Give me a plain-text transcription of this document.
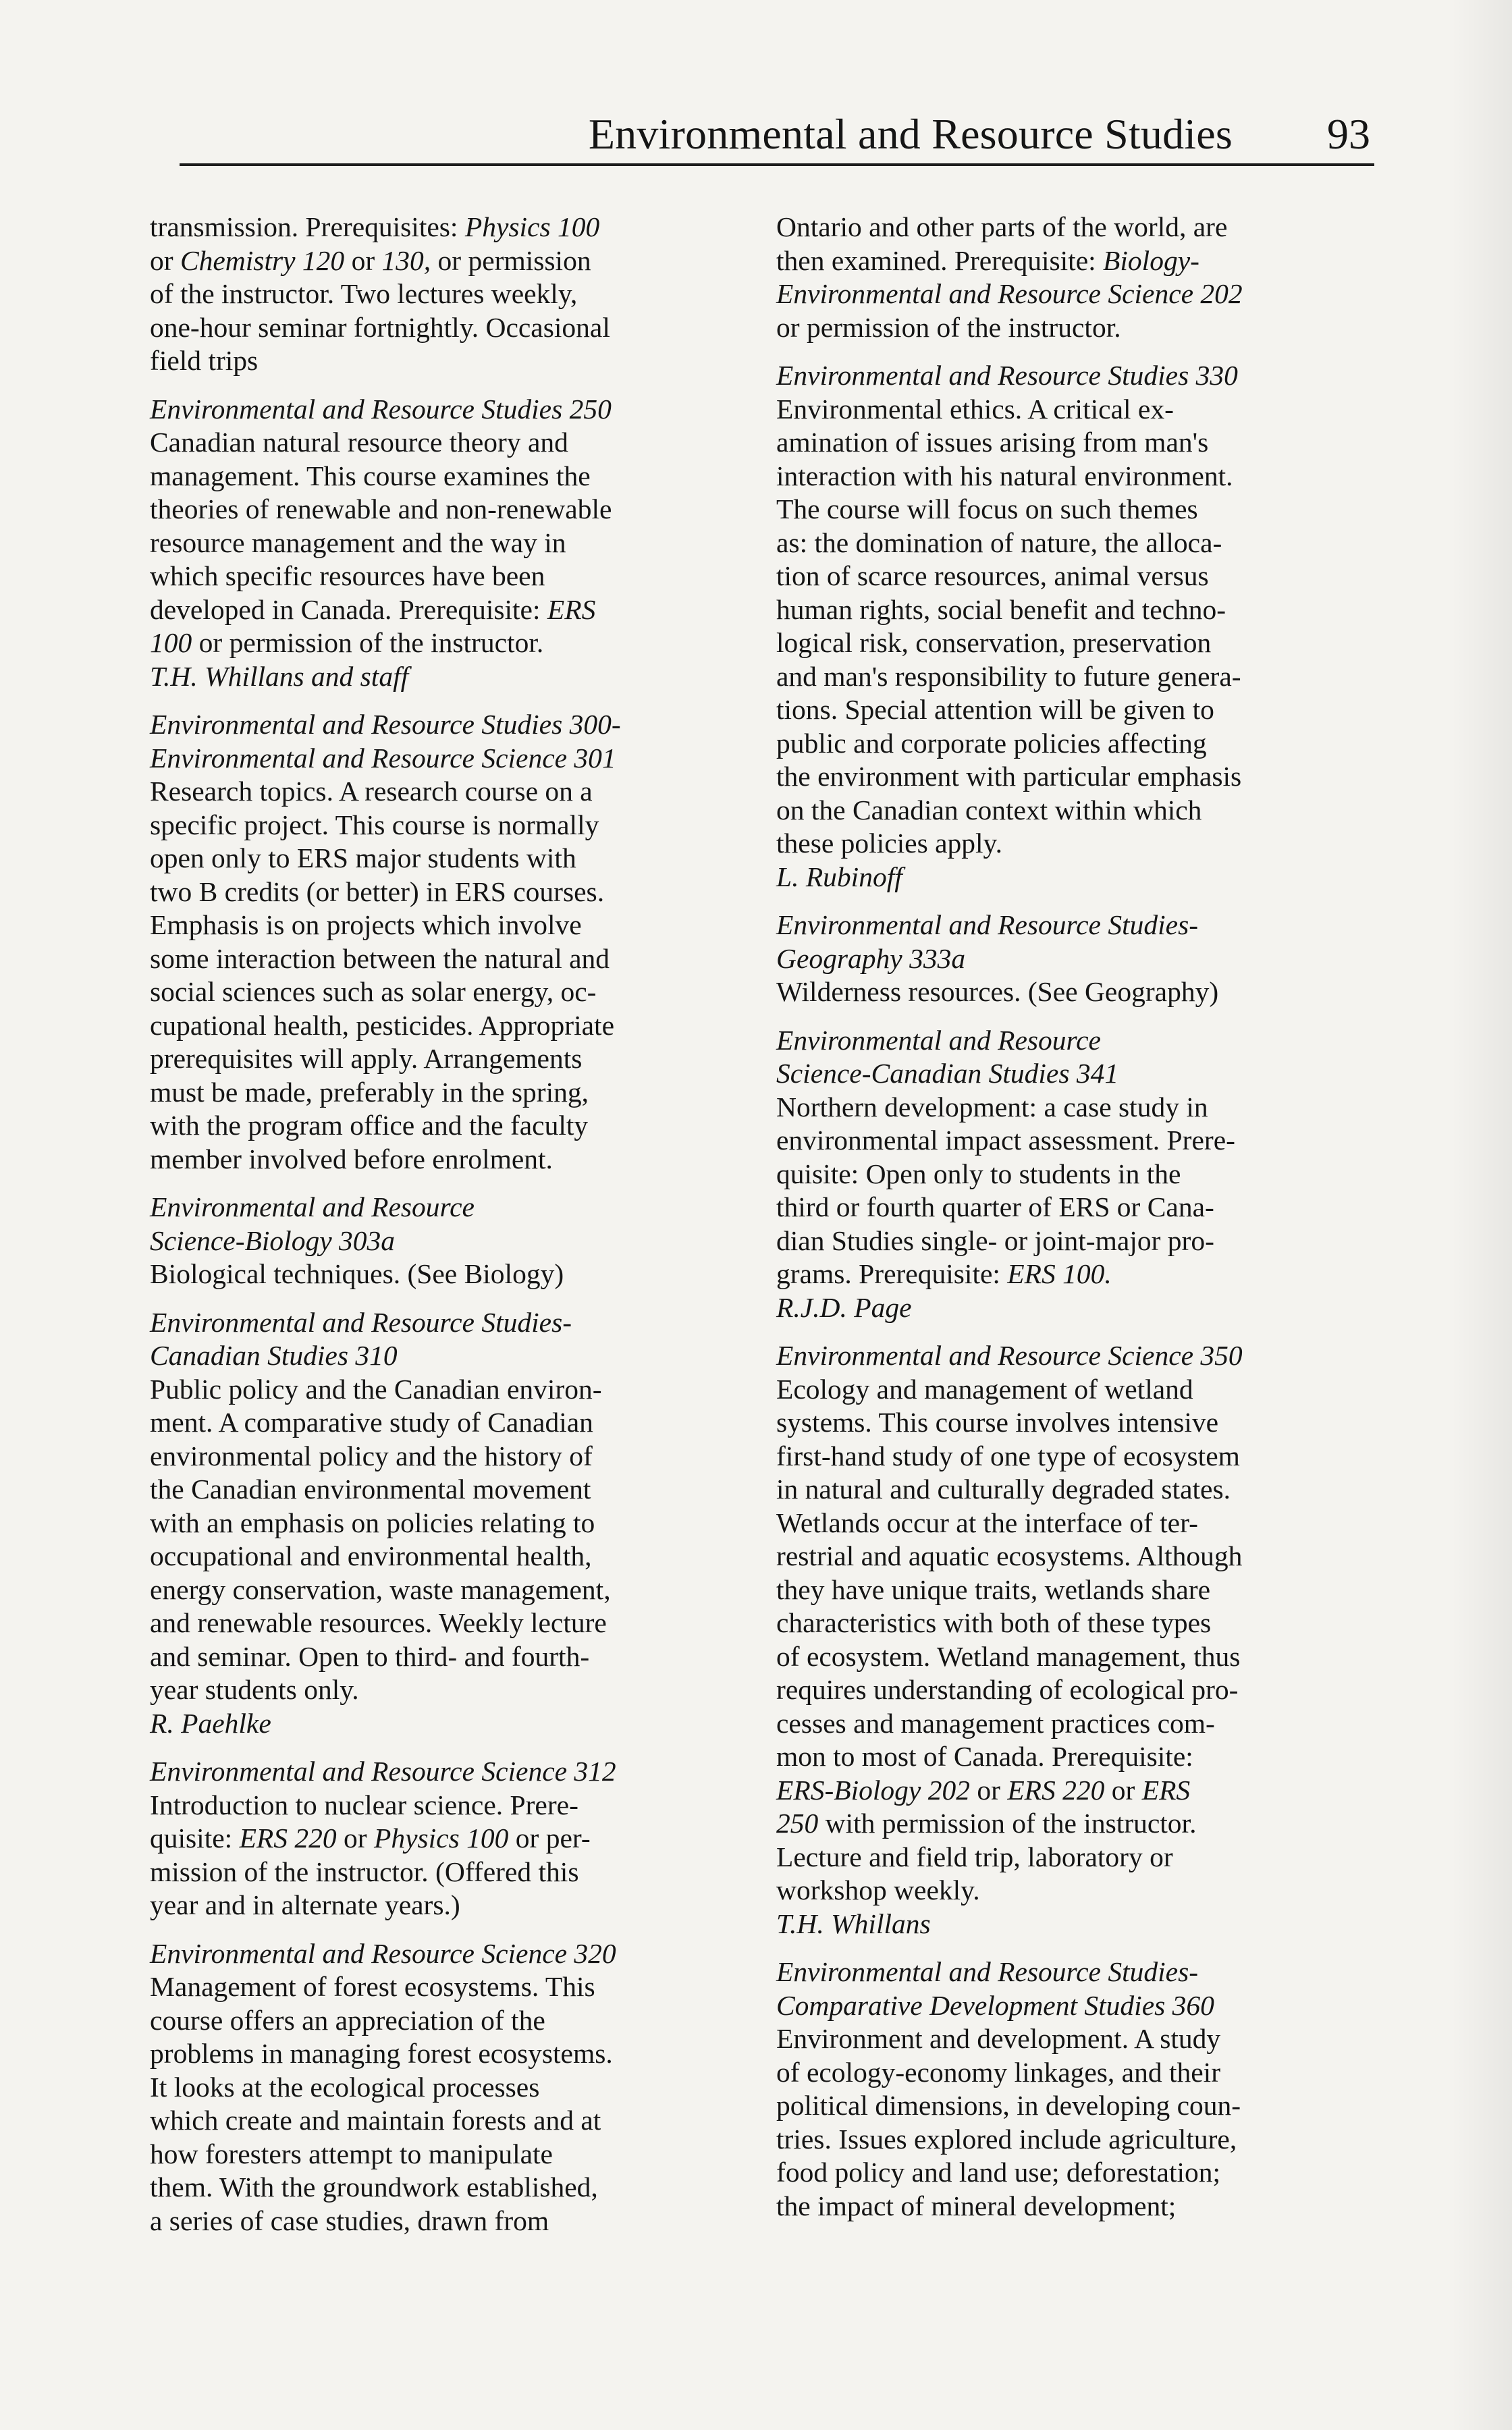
Environmental and Resource Studies 93
transmission. Prerequisites: Physics 100
or Chemistry 120 or 130, or permission
of the instructor. Two lectures weekly,
one-hour seminar fortnightly. Occasional
field trips
Environmental and Resource Studies 250
Canadian natural resource theory and
management. This course examines the
theories of renewable and non-renewable
resource management and the way in
which specific resources have been
developed in Canada. Prerequisite: ERS
100 or permission of the instructor.
T.H. Whillans and staff
Environmental and Resource Studies 300-
Environmental and Resource Science 301
Research topics. A research course on a
specific project. This course is normally
open only to ERS major students with
two B credits (or better) in ERS courses.
Emphasis is on projects which involve
some interaction between the natural and
social sciences such as solar energy, oc-
cupational health, pesticides. Appropriate
prerequisites will apply. Arrangements
must be made, preferably in the spring,
with the program office and the faculty
member involved before enrolment.
Environmental and Resource
Science-Biology 303a
Biological techniques. (See Biology)
Environmental and Resource Studies-
Canadian Studies 310
Public policy and the Canadian environ-
ment. A comparative study of Canadian
environmental policy and the history of
the Canadian environmental movement
with an emphasis on policies relating to
occupational and environmental health,
energy conservation, waste management,
and renewable resources. Weekly lecture
and seminar. Open to third- and fourth-
year students only.
R. Paehlke
Environmental and Resource Science 312
Introduction to nuclear science. Prere-
quisite: ERS 220 or Physics 100 or per-
mission of the instructor. (Offered this
year and in alternate years.)
Environmental and Resource Science 320
Management of forest ecosystems. This
course offers an appreciation of the
problems in managing forest ecosystems.
It looks at the ecological processes
which create and maintain forests and at
how foresters attempt to manipulate
them. With the groundwork established,
a series of case studies, drawn from
Ontario and other parts of the world, are
then examined. Prerequisite: Biology-
Environmental and Resource Science 202
or permission of the instructor.
Environmental and Resource Studies 330
Environmental ethics. A critical ex-
amination of issues arising from man's
interaction with his natural environment.
The course will focus on such themes
as: the domination of nature, the alloca-
tion of scarce resources, animal versus
human rights, social benefit and techno-
logical risk, conservation, preservation
and man's responsibility to future genera-
tions. Special attention will be given to
public and corporate policies affecting
the environment with particular emphasis
on the Canadian context within which
these policies apply.
L. Rubinoff
Environmental and Resource Studies-
Geography 333a
Wilderness resources. (See Geography)
Environmental and Resource
Science-Canadian Studies 341
Northern development: a case study in
environmental impact assessment. Prere-
quisite: Open only to students in the
third or fourth quarter of ERS or Cana-
dian Studies single- or joint-major pro-
grams. Prerequisite: ERS 100.
R.J.D. Page
Environmental and Resource Science 350
Ecology and management of wetland
systems. This course involves intensive
first-hand study of one type of ecosystem
in natural and culturally degraded states.
Wetlands occur at the interface of ter-
restrial and aquatic ecosystems. Although
they have unique traits, wetlands share
characteristics with both of these types
of ecosystem. Wetland management, thus
requires understanding of ecological pro-
cesses and management practices com-
mon to most of Canada. Prerequisite:
ERS-Biology 202 or ERS 220 or ERS
250 with permission of the instructor.
Lecture and field trip, laboratory or
workshop weekly.
T.H. Whillans
Environmental and Resource Studies-
Comparative Development Studies 360
Environment and development. A study
of ecology-economy linkages, and their
political dimensions, in developing coun-
tries. Issues explored include agriculture,
food policy and land use; deforestation;
the impact of mineral development;
